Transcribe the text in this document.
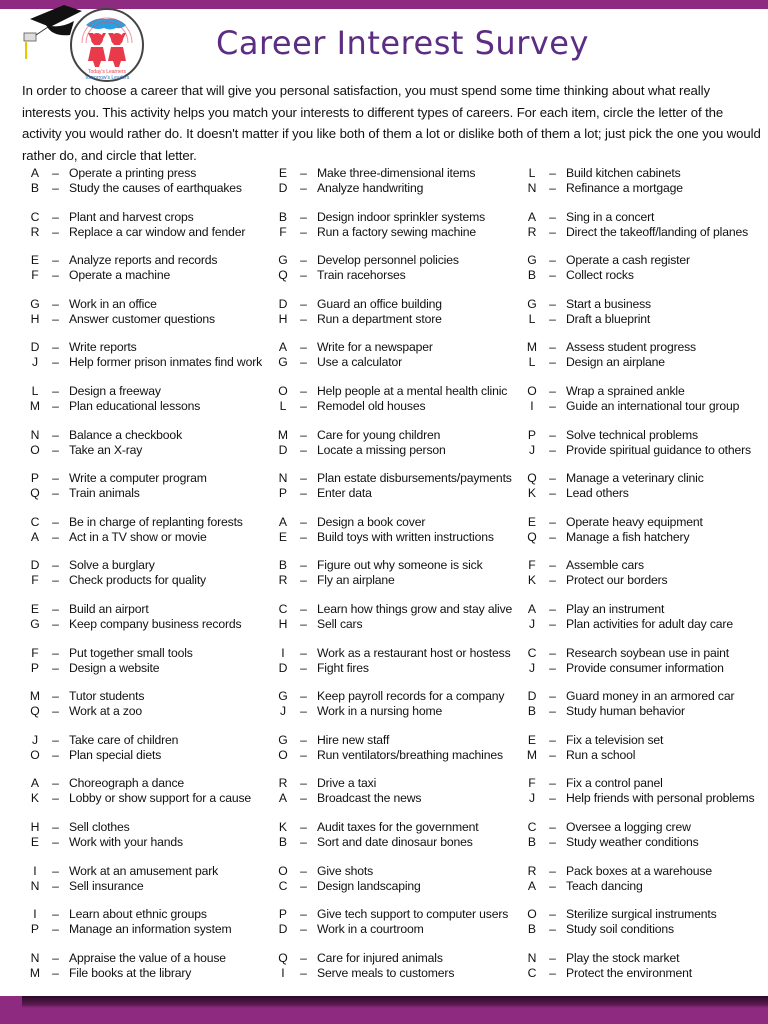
Today's Learners
Tomorrow's Leaders
Career Interest Survey

In order to choose a career that will give you personal satisfaction, you must spend some time thinking about what really interests you. This activity helps you match your interests to different types of careers. For each item, circle the letter of the activity you would rather do. It doesn't matter if you like both of them a lot or dislike both of them a lot; just pick the one you would rather do, and circle that letter.

A	– Operate a printing press
B	– Study the causes of earthquakes
C	– Plant and harvest crops
R	– Replace a car window and fender
E	– Analyze reports and records
F	– Operate a machine
G	– Work in an office
H	– Answer customer questions
D	– Write reports
J	– Help former prison inmates find work
L	– Design a freeway
M – Plan educational lessons
N	– Balance a checkbook
O	– Take an X-ray
P	– Write a computer program
Q	– Train animals
C	– Be in charge of replanting forests
A	– Act in a TV show or movie
D	– Solve a burglary
F	– Check products for quality
E	– Build an airport
G	– Keep company business records
F	– Put together small tools
P	– Design a website
M – Tutor students
Q	– Work at a zoo
J	– Take care of children
O	– Plan special diets
A	– Choreograph a dance
K	– Lobby or show support for a cause
H	– Sell clothes
E	– Work with your hands
I	– Work at an amusement park
N	– Sell insurance
I	– Learn about ethnic groups
P	– Manage an information system
N	– Appraise the value of a house
M – File books at the library
E	– Make three-dimensional items
D	– Analyze handwriting
B	– Design indoor sprinkler systems
F	– Run a factory sewing machine
G	– Develop personnel policies
Q	– Train racehorses
D	– Guard an office building
H	– Run a department store
A	– Write for a newspaper
G	– Use a calculator
O	– Help people at a mental health clinic
L	– Remodel old houses
M – Care for young children
D	– Locate a missing person
N	– Plan estate disbursements/payments
P	– Enter data
A	– Design a book cover
E	– Build toys with written instructions
B	– Figure out why someone is sick
R	– Fly an airplane
C	– Learn how things grow and stay alive
H	– Sell cars
I	– Work as a restaurant host or hostess
D	– Fight fires
G	– Keep payroll records for a company
J	– Work in a nursing home
G	– Hire new staff
O	– Run ventilators/breathing machines
R	– Drive a taxi
A	– Broadcast the news
K	– Audit taxes for the government
B	– Sort and date dinosaur bones
O	– Give shots
C	– Design landscaping
P	– Give tech support to computer users
D	– Work in a courtroom
Q	– Care for injured animals
I	– Serve meals to customers
L	– Build kitchen cabinets
N	– Refinance a mortgage
A	– Sing in a concert
R	– Direct the takeoff/landing of planes
G	– Operate a cash register
B	– Collect rocks
G	– Start a business
L	– Draft a blueprint
M – Assess student progress
L	– Design an airplane
O	– Wrap a sprained ankle
I	– Guide an international tour group
P	– Solve technical problems
J	– Provide spiritual guidance to others
Q	– Manage a veterinary clinic
K	– Lead others
E	– Operate heavy equipment
Q	– Manage a fish hatchery
F	– Assemble cars
K	– Protect our borders
A	– Play an instrument
J	– Plan activities for adult day care
C	– Research soybean use in paint
J	– Provide consumer information
D	– Guard money in an armored car
B	– Study human behavior
E	– Fix a television set
M – Run a school
F	– Fix a control panel
J	– Help friends with personal problems
C	– Oversee a logging crew
B	– Study weather conditions
R	– Pack boxes at a warehouse
A	– Teach dancing
O	– Sterilize surgical instruments
B	– Study soil conditions
N	– Play the stock market
C	– Protect the environment
